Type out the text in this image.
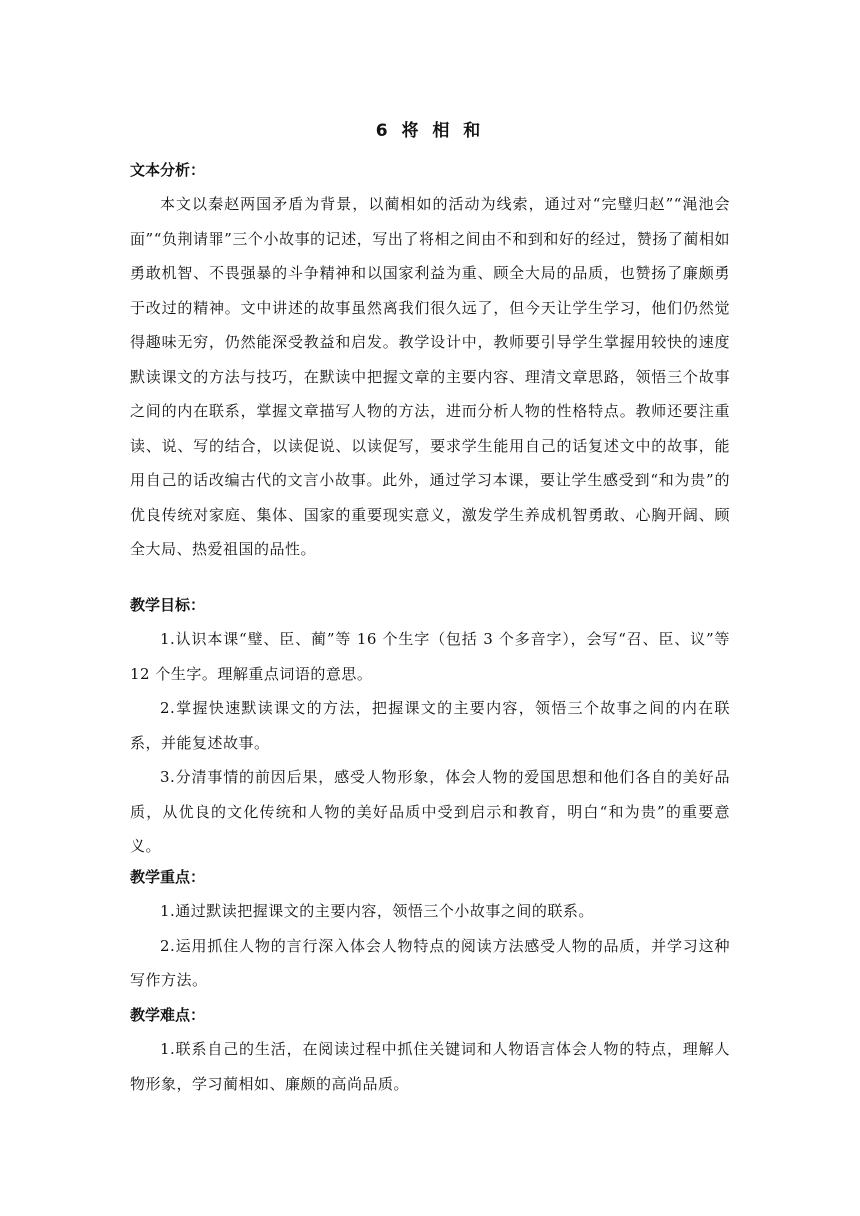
6 将 相 和
文本分析：
本文以秦赵两国矛盾为背景，以蔺相如的活动为线索，通过对“完璧归赵”“渑池会面”“负荆请罪”三个小故事的记述，写出了将相之间由不和到和好的经过，赞扬了蔺相如勇敢机智、不畏强暴的斗争精神和以国家利益为重、顾全大局的品质，也赞扬了廉颇勇于改过的精神。文中讲述的故事虽然离我们很久远了，但今天让学生学习，他们仍然觉得趣味无穷，仍然能深受教益和启发。教学设计中，教师要引导学生掌握用较快的速度默读课文的方法与技巧，在默读中把握文章的主要内容、理清文章思路，领悟三个故事之间的内在联系，掌握文章描写人物的方法，进而分析人物的性格特点。教师还要注重读、说、写的结合，以读促说、以读促写，要求学生能用自己的话复述文中的故事，能用自己的话改编古代的文言小故事。此外，通过学习本课，要让学生感受到“和为贵”的优良传统对家庭、集体、国家的重要现实意义，激发学生养成机智勇敢、心胸开阔、顾全大局、热爱祖国的品性。
教学目标：
1.认识本课“璧、臣、蔺”等 16 个生字（包括 3 个多音字），会写“召、臣、议”等 12 个生字。理解重点词语的意思。
2.掌握快速默读课文的方法，把握课文的主要内容，领悟三个故事之间的内在联系，并能复述故事。
3.分清事情的前因后果，感受人物形象，体会人物的爱国思想和他们各自的美好品质，从优良的文化传统和人物的美好品质中受到启示和教育，明白“和为贵”的重要意义。
教学重点：
1.通过默读把握课文的主要内容，领悟三个小故事之间的联系。
2.运用抓住人物的言行深入体会人物特点的阅读方法感受人物的品质，并学习这种写作方法。
教学难点：
1.联系自己的生活，在阅读过程中抓住关键词和人物语言体会人物的特点，理解人物形象，学习蔺相如、廉颇的高尚品质。
